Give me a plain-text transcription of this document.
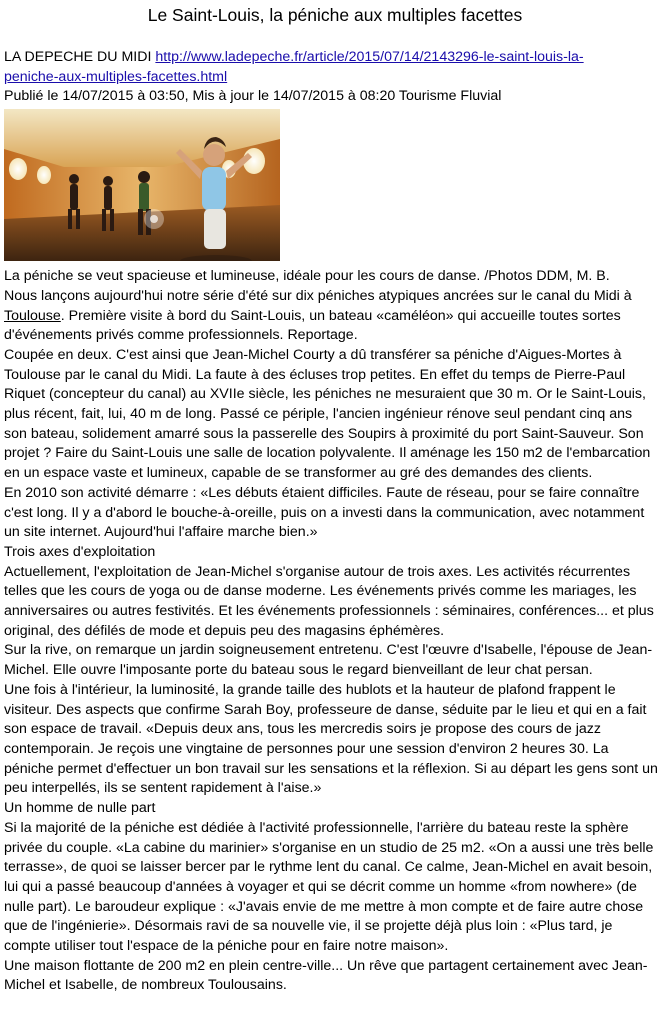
Le Saint-Louis, la péniche aux multiples facettes

LA DEPECHE DU MIDI http://www.ladepeche.fr/article/2015/07/14/2143296-le-saint-louis-la-
peniche-aux-multiples-facettes.html

Publié le 14/07/2015 à 03:50, Mis à jour le 14/07/2015 à 08:20 Tourisme Fluvial

La péniche se veut spacieuse et lumineuse, idéale pour les cours de danse. /Photos DDM, M. B.

Nous lançons aujourd'hui notre série d'été sur dix péniches atypiques ancrées sur le canal du Midi à Toulouse. Première visite à bord du Saint-Louis, un bateau «caméléon» qui accueille toutes sortes d'événements privés comme professionnels. Reportage.

Coupée en deux. C'est ainsi que Jean-Michel Courty a dû transférer sa péniche d'Aigues-Mortes à Toulouse par le canal du Midi. La faute à des écluses trop petites. En effet du temps de Pierre-Paul Riquet (concepteur du canal) au XVIIe siècle, les péniches ne mesuraient que 30 m. Or le Saint-Louis, plus récent, fait, lui, 40 m de long. Passé ce périple, l'ancien ingénieur rénove seul pendant cinq ans son bateau, solidement amarré sous la passerelle des Soupirs à proximité du port Saint-Sauveur. Son projet ? Faire du Saint-Louis une salle de location polyvalente. Il aménage les 150 m2 de l'embarcation en un espace vaste et lumineux, capable de se transformer au gré des demandes des clients.

En 2010 son activité démarre : «Les débuts étaient difficiles. Faute de réseau, pour se faire connaître c'est long. Il y a d'abord le bouche-à-oreille, puis on a investi dans la communication, avec notamment un site internet. Aujourd'hui l'affaire marche bien.»

Trois axes d'exploitation

Actuellement, l'exploitation de Jean-Michel s'organise autour de trois axes. Les activités récurrentes telles que les cours de yoga ou de danse moderne. Les événements privés comme les mariages, les anniversaires ou autres festivités. Et les événements professionnels : séminaires, conférences... et plus original, des défilés de mode et depuis peu des magasins éphémères.

Sur la rive, on remarque un jardin soigneusement entretenu. C'est l'œuvre d'Isabelle, l'épouse de Jean-Michel. Elle ouvre l'imposante porte du bateau sous le regard bienveillant de leur chat persan.

Une fois à l'intérieur, la luminosité, la grande taille des hublots et la hauteur de plafond frappent le visiteur. Des aspects que confirme Sarah Boy, professeure de danse, séduite par le lieu et qui en a fait son espace de travail. «Depuis deux ans, tous les mercredis soirs je propose des cours de jazz contemporain. Je reçois une vingtaine de personnes pour une session d'environ 2 heures 30. La péniche permet d'effectuer un bon travail sur les sensations et la réflexion. Si au départ les gens sont un peu interpellés, ils se sentent rapidement à l'aise.»

Un homme de nulle part

Si la majorité de la péniche est dédiée à l'activité professionnelle, l'arrière du bateau reste la sphère privée du couple. «La cabine du marinier» s'organise en un studio de 25 m2. «On a aussi une très belle terrasse», de quoi se laisser bercer par le rythme lent du canal. Ce calme, Jean-Michel en avait besoin, lui qui a passé beaucoup d'années à voyager et qui se décrit comme un homme «from nowhere» (de nulle part). Le baroudeur explique : «J'avais envie de me mettre à mon compte et de faire autre chose que de l'ingénierie». Désormais ravi de sa nouvelle vie, il se projette déjà plus loin : «Plus tard, je compte utiliser tout l'espace de la péniche pour en faire notre maison».

Une maison flottante de 200 m2 en plein centre-ville... Un rêve que partagent certainement avec Jean-Michel et Isabelle, de nombreux Toulousains.
